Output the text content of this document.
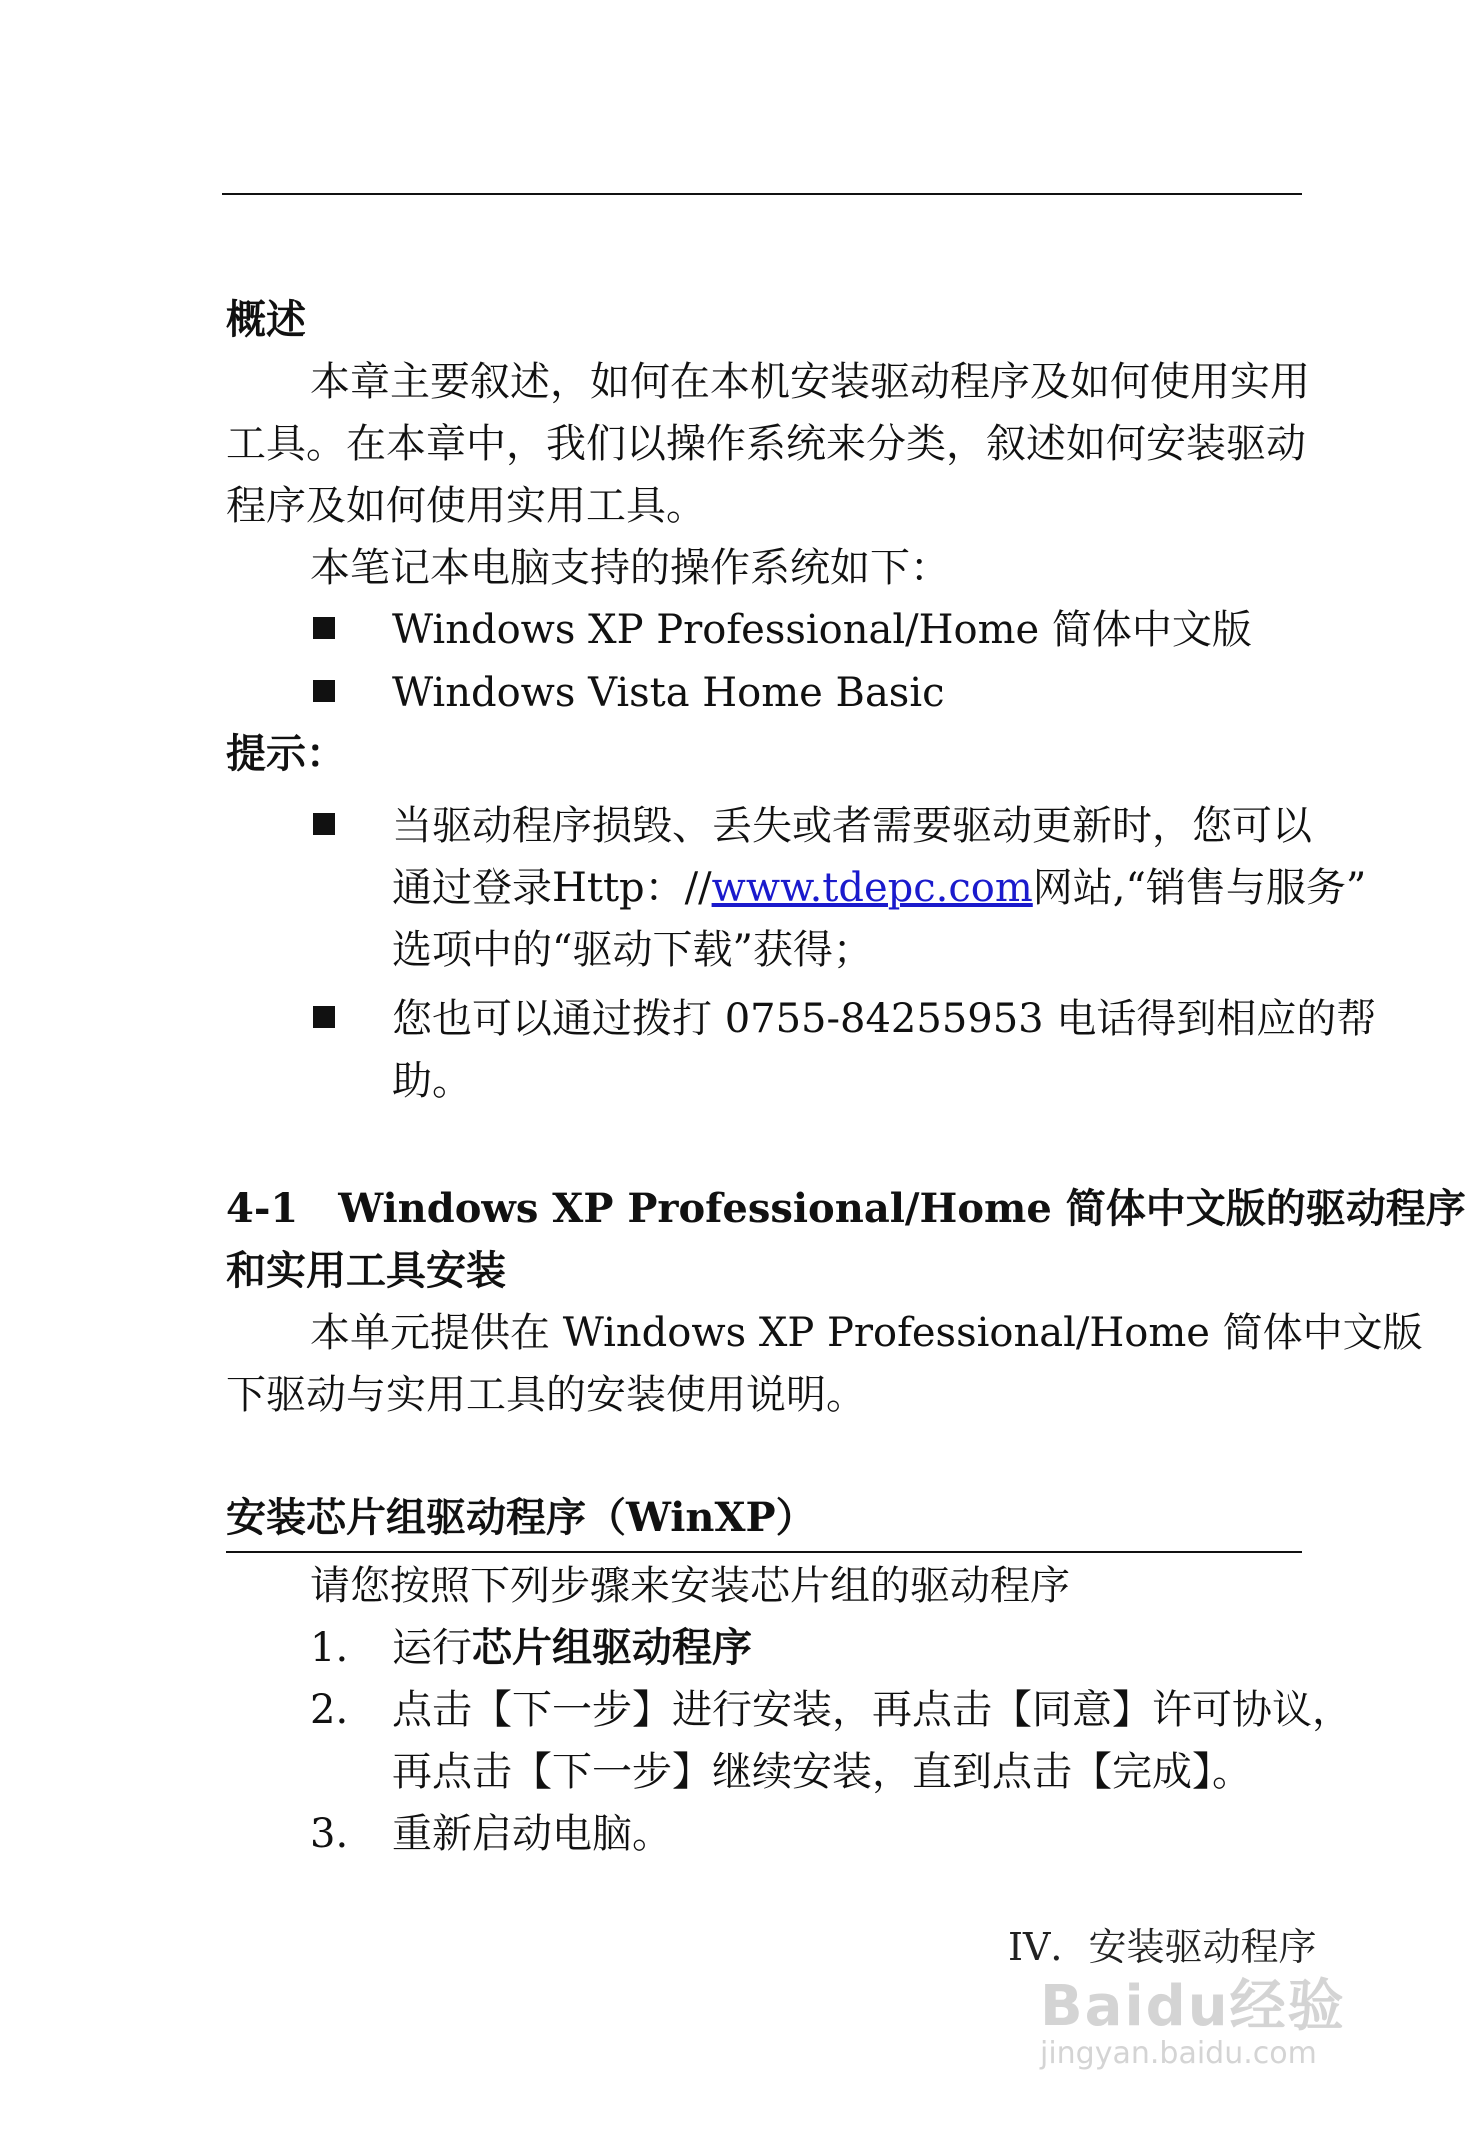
概述
本章主要叙述，如何在本机安装驱动程序及如何使用实用
工具。在本章中，我们以操作系统来分类，叙述如何安装驱动
程序及如何使用实用工具。
本笔记本电脑支持的操作系统如下：
Windows XP Professional/Home 简体中文版
Windows Vista Home Basic
提示：
当驱动程序损毁、丢失或者需要驱动更新时，您可以
通过登录Http：//www.tdepc.com网站,“销售与服务”
选项中的“驱动下载”获得；
您也可以通过拨打 0755-84255953 电话得到相应的帮
助。
4-1　Windows XP Professional/Home 简体中文版的驱动程序
和实用工具安装
本单元提供在 Windows XP Professional/Home 简体中文版
下驱动与实用工具的安装使用说明。
安装芯片组驱动程序（WinXP）
请您按照下列步骤来安装芯片组的驱动程序
1. 运行芯片组驱动程序
2. 点击【下一步】进行安装，再点击【同意】许可协议，
再点击【下一步】继续安装，直到点击【完成】。
3. 重新启动电脑。
IV．安装驱动程序
Baidu经验
jingyan.baidu.com
